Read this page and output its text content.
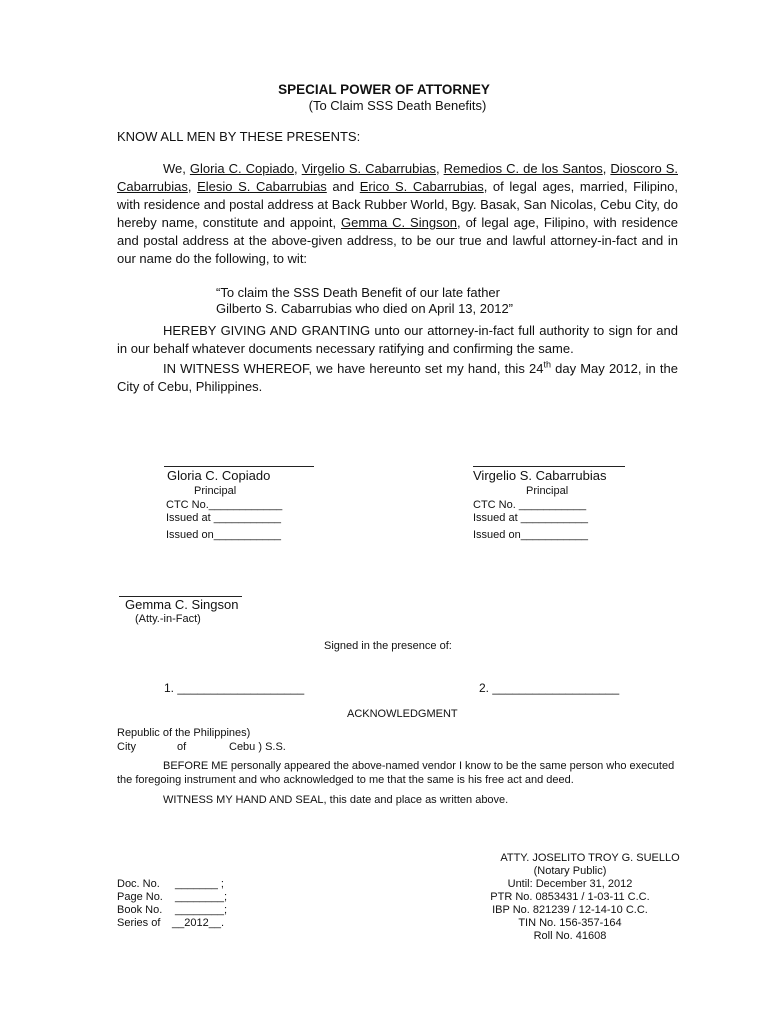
SPECIAL POWER OF ATTORNEY
(To Claim SSS Death Benefits)
KNOW ALL MEN BY THESE PRESENTS:
We, Gloria C. Copiado, Virgelio S. Cabarrubias, Remedios C. de los Santos, Dioscoro S. Cabarrubias, Elesio S. Cabarrubias and Erico S. Cabarrubias, of legal ages, married, Filipino, with residence and postal address at Back Rubber World, Bgy. Basak, San Nicolas, Cebu City, do hereby name, constitute and appoint, Gemma C. Singson, of legal age, Filipino, with residence and postal address at the above-given address, to be our true and lawful attorney-in-fact and in our name do the following, to wit:
“To claim the SSS Death Benefit of our late father
Gilberto S. Cabarrubias who died on April 13, 2012”
HEREBY GIVING AND GRANTING unto our attorney-in-fact full authority to sign for and in our behalf whatever documents necessary ratifying and confirming the same.
IN WITNESS WHEREOF, we have hereunto set my hand, this 24th day May 2012, in the City of Cebu, Philippines.
Gloria C. Copiado
Principal
CTC No.____________
Issued at ___________
Issued on___________
Virgelio S. Cabarrubias
Principal
CTC No. ___________
Issued at ___________
Issued on___________
Gemma C. Singson
(Atty.-in-Fact)
Signed in the presence of:
1. ___________________	2. ___________________
ACKNOWLEDGMENT
Republic of the Philippines)
City	of	Cebu ) S.S.
BEFORE ME personally appeared the above-named vendor I know to be the same person who executed the foregoing instrument and who acknowledged to me that the same is his free act and deed.
WITNESS MY HAND AND SEAL, this date and place as written above.
ATTY. JOSELITO TROY G. SUELLO
(Notary Public)
Until: December 31, 2012
PTR No. 0853431 / 1-03-11 C.C.
IBP No. 821239 / 12-14-10 C.C.
TIN No. 156-357-164
Roll No. 41608
Doc. No. _______ ;
Page No. ________;
Book No. ________;
Series of __2012__.
